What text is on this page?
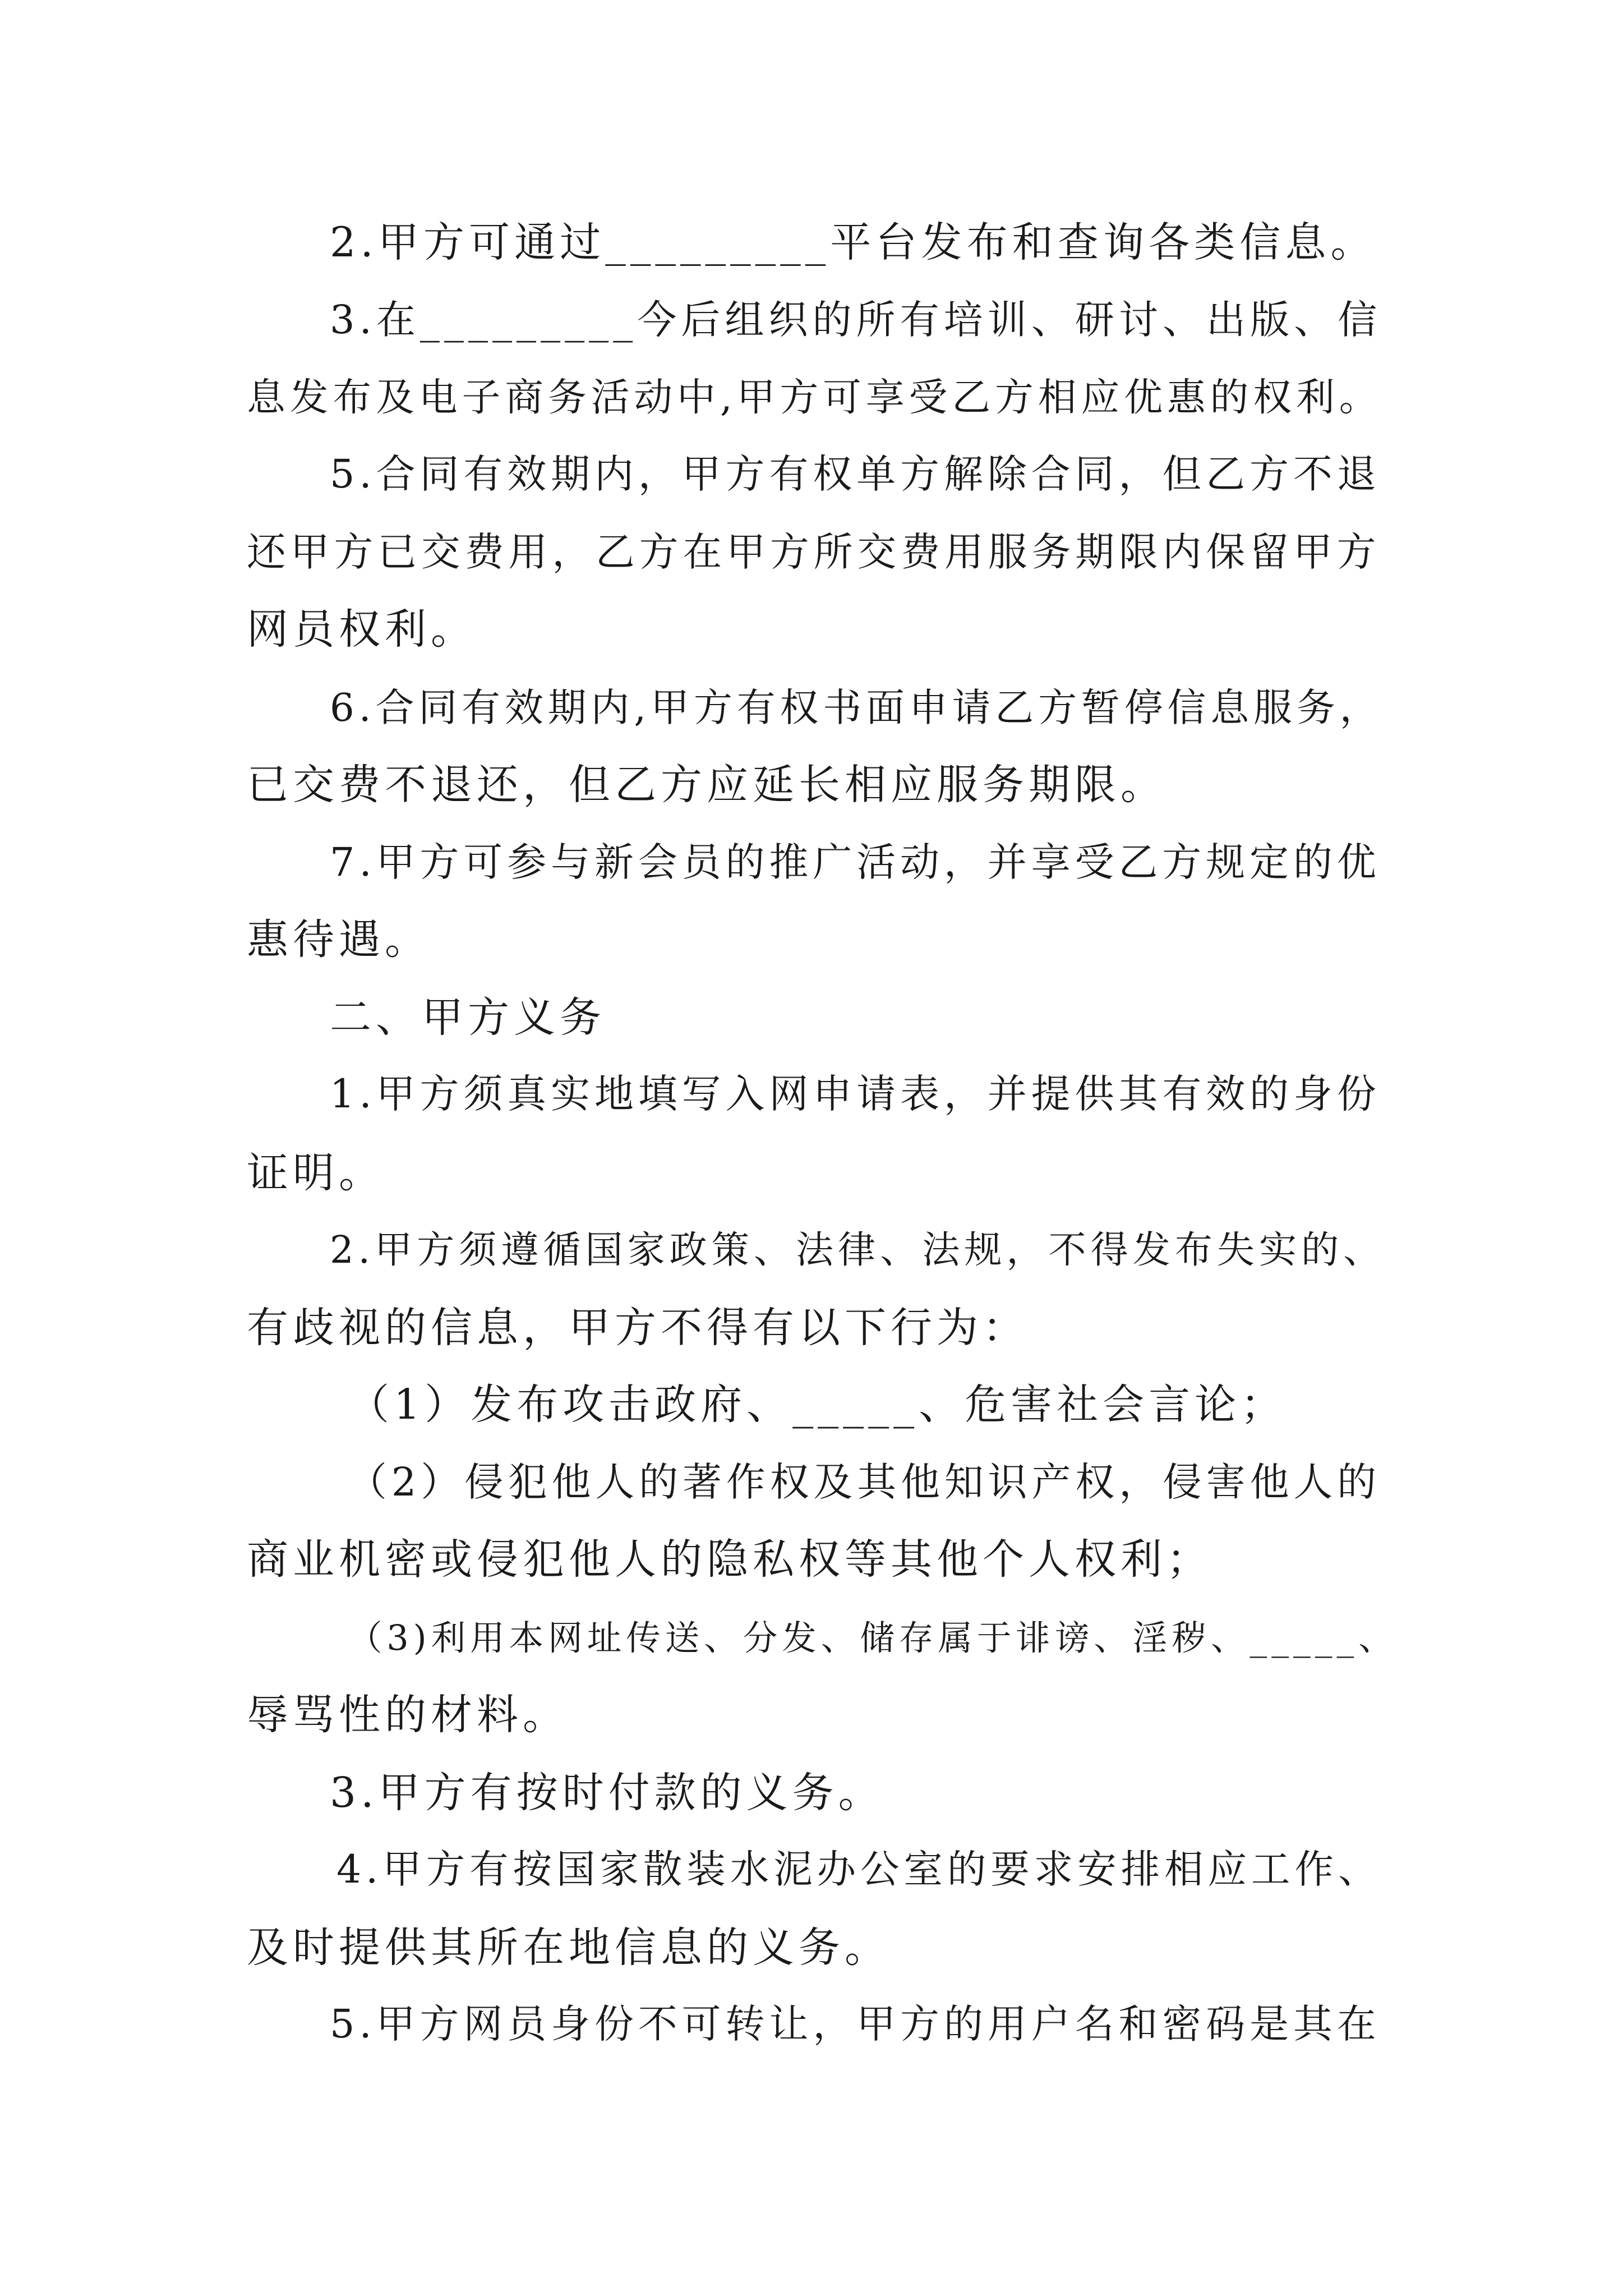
2.甲方可通过_________平台发布和查询各类信息。
3.在_________今后组织的所有培训、研讨、出版、信
息发布及电子商务活动中,甲方可享受乙方相应优惠的权利。
5.合同有效期内，甲方有权单方解除合同，但乙方不退
还甲方已交费用，乙方在甲方所交费用服务期限内保留甲方
网员权利。
6.合同有效期内,甲方有权书面申请乙方暂停信息服务，
已交费不退还，但乙方应延长相应服务期限。
7.甲方可参与新会员的推广活动，并享受乙方规定的优
惠待遇。
二、甲方义务
1.甲方须真实地填写入网申请表，并提供其有效的身份
证明。
2.甲方须遵循国家政策、法律、法规，不得发布失实的、
有歧视的信息，甲方不得有以下行为：
（1）发布攻击政府、_____、危害社会言论；
（2）侵犯他人的著作权及其他知识产权，侵害他人的
商业机密或侵犯他人的隐私权等其他个人权利；
（3)利用本网址传送、分发、储存属于诽谤、淫秽、_____、
辱骂性的材料。
3.甲方有按时付款的义务。
4.甲方有按国家散装水泥办公室的要求安排相应工作、
及时提供其所在地信息的义务。
5.甲方网员身份不可转让，甲方的用户名和密码是其在
